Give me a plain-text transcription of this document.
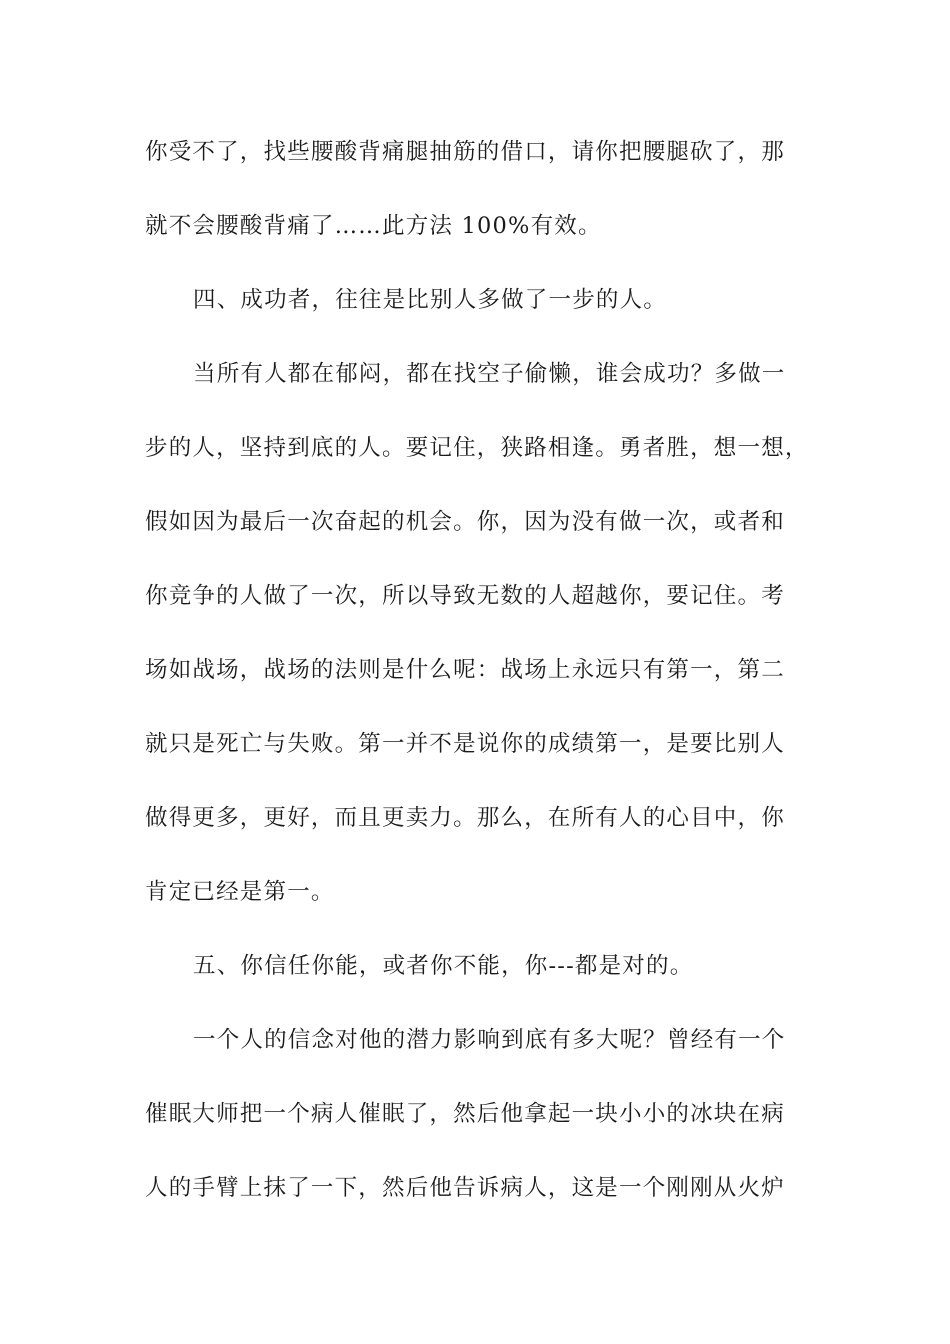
你受不了，找些腰酸背痛腿抽筋的借口，请你把腰腿砍了，那
就不会腰酸背痛了……此方法 100%有效。
四、成功者，往往是比别人多做了一步的人。
当所有人都在郁闷，都在找空子偷懒，谁会成功？多做一
步的人，坚持到底的人。要记住，狭路相逢。勇者胜，想一想，
假如因为最后一次奋起的机会。你，因为没有做一次，或者和
你竞争的人做了一次，所以导致无数的人超越你，要记住。考
场如战场，战场的法则是什么呢：战场上永远只有第一，第二
就只是死亡与失败。第一并不是说你的成绩第一，是要比别人
做得更多，更好，而且更卖力。那么，在所有人的心目中，你
肯定已经是第一。
五、你信任你能，或者你不能，你---都是对的。
一个人的信念对他的潜力影响到底有多大呢？曾经有一个
催眠大师把一个病人催眠了，然后他拿起一块小小的冰块在病
人的手臂上抹了一下，然后他告诉病人，这是一个刚刚从火炉
